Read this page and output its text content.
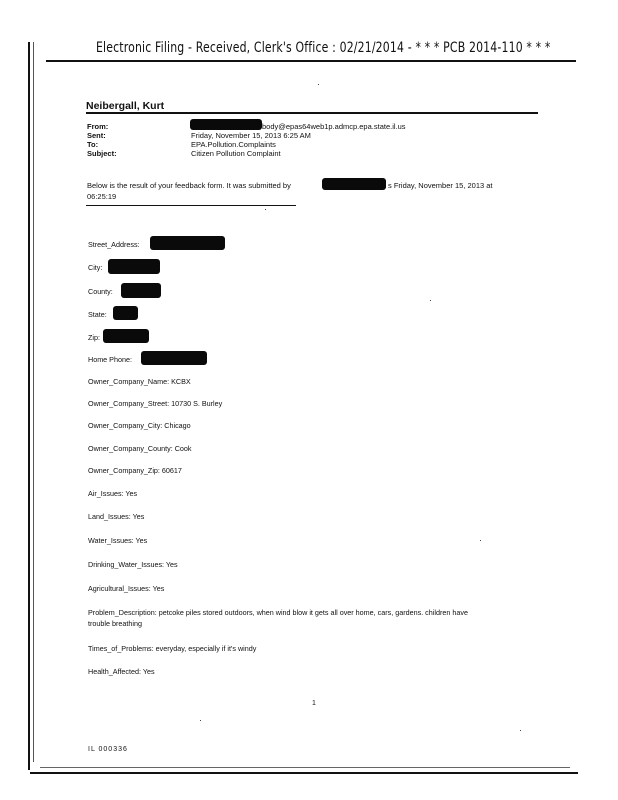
Electronic Filing - Received, Clerk's Office : 02/21/2014 - * * * PCB 2014-110 * * *
Neibergall, Kurt
From:	body@epas64web1p.admcp.epa.state.il.us
Sent:	Friday, November 15, 2013 6:25 AM
To:	EPA.Pollution.Complaints
Subject:	Citizen Pollution Complaint
Below is the result of your feedback form. It was submitted by	s Friday, November 15, 2013 at
06:25:19
Street_Address:
City:
County:
State:
Zip:
Home Phone:
Owner_Company_Name: KCBX
Owner_Company_Street: 10730 S. Burley
Owner_Company_City: Chicago
Owner_Company_County: Cook
Owner_Company_Zip: 60617
Air_Issues: Yes
Land_Issues: Yes
Water_Issues: Yes
Drinking_Water_Issues: Yes
Agricultural_Issues: Yes
Problem_Description: petcoke piles stored outdoors, when wind blow it gets all over home, cars, gardens. children have
trouble breathing
Times_of_Problems: everyday, especially if it's windy
Health_Affected: Yes
1
IL 000336
